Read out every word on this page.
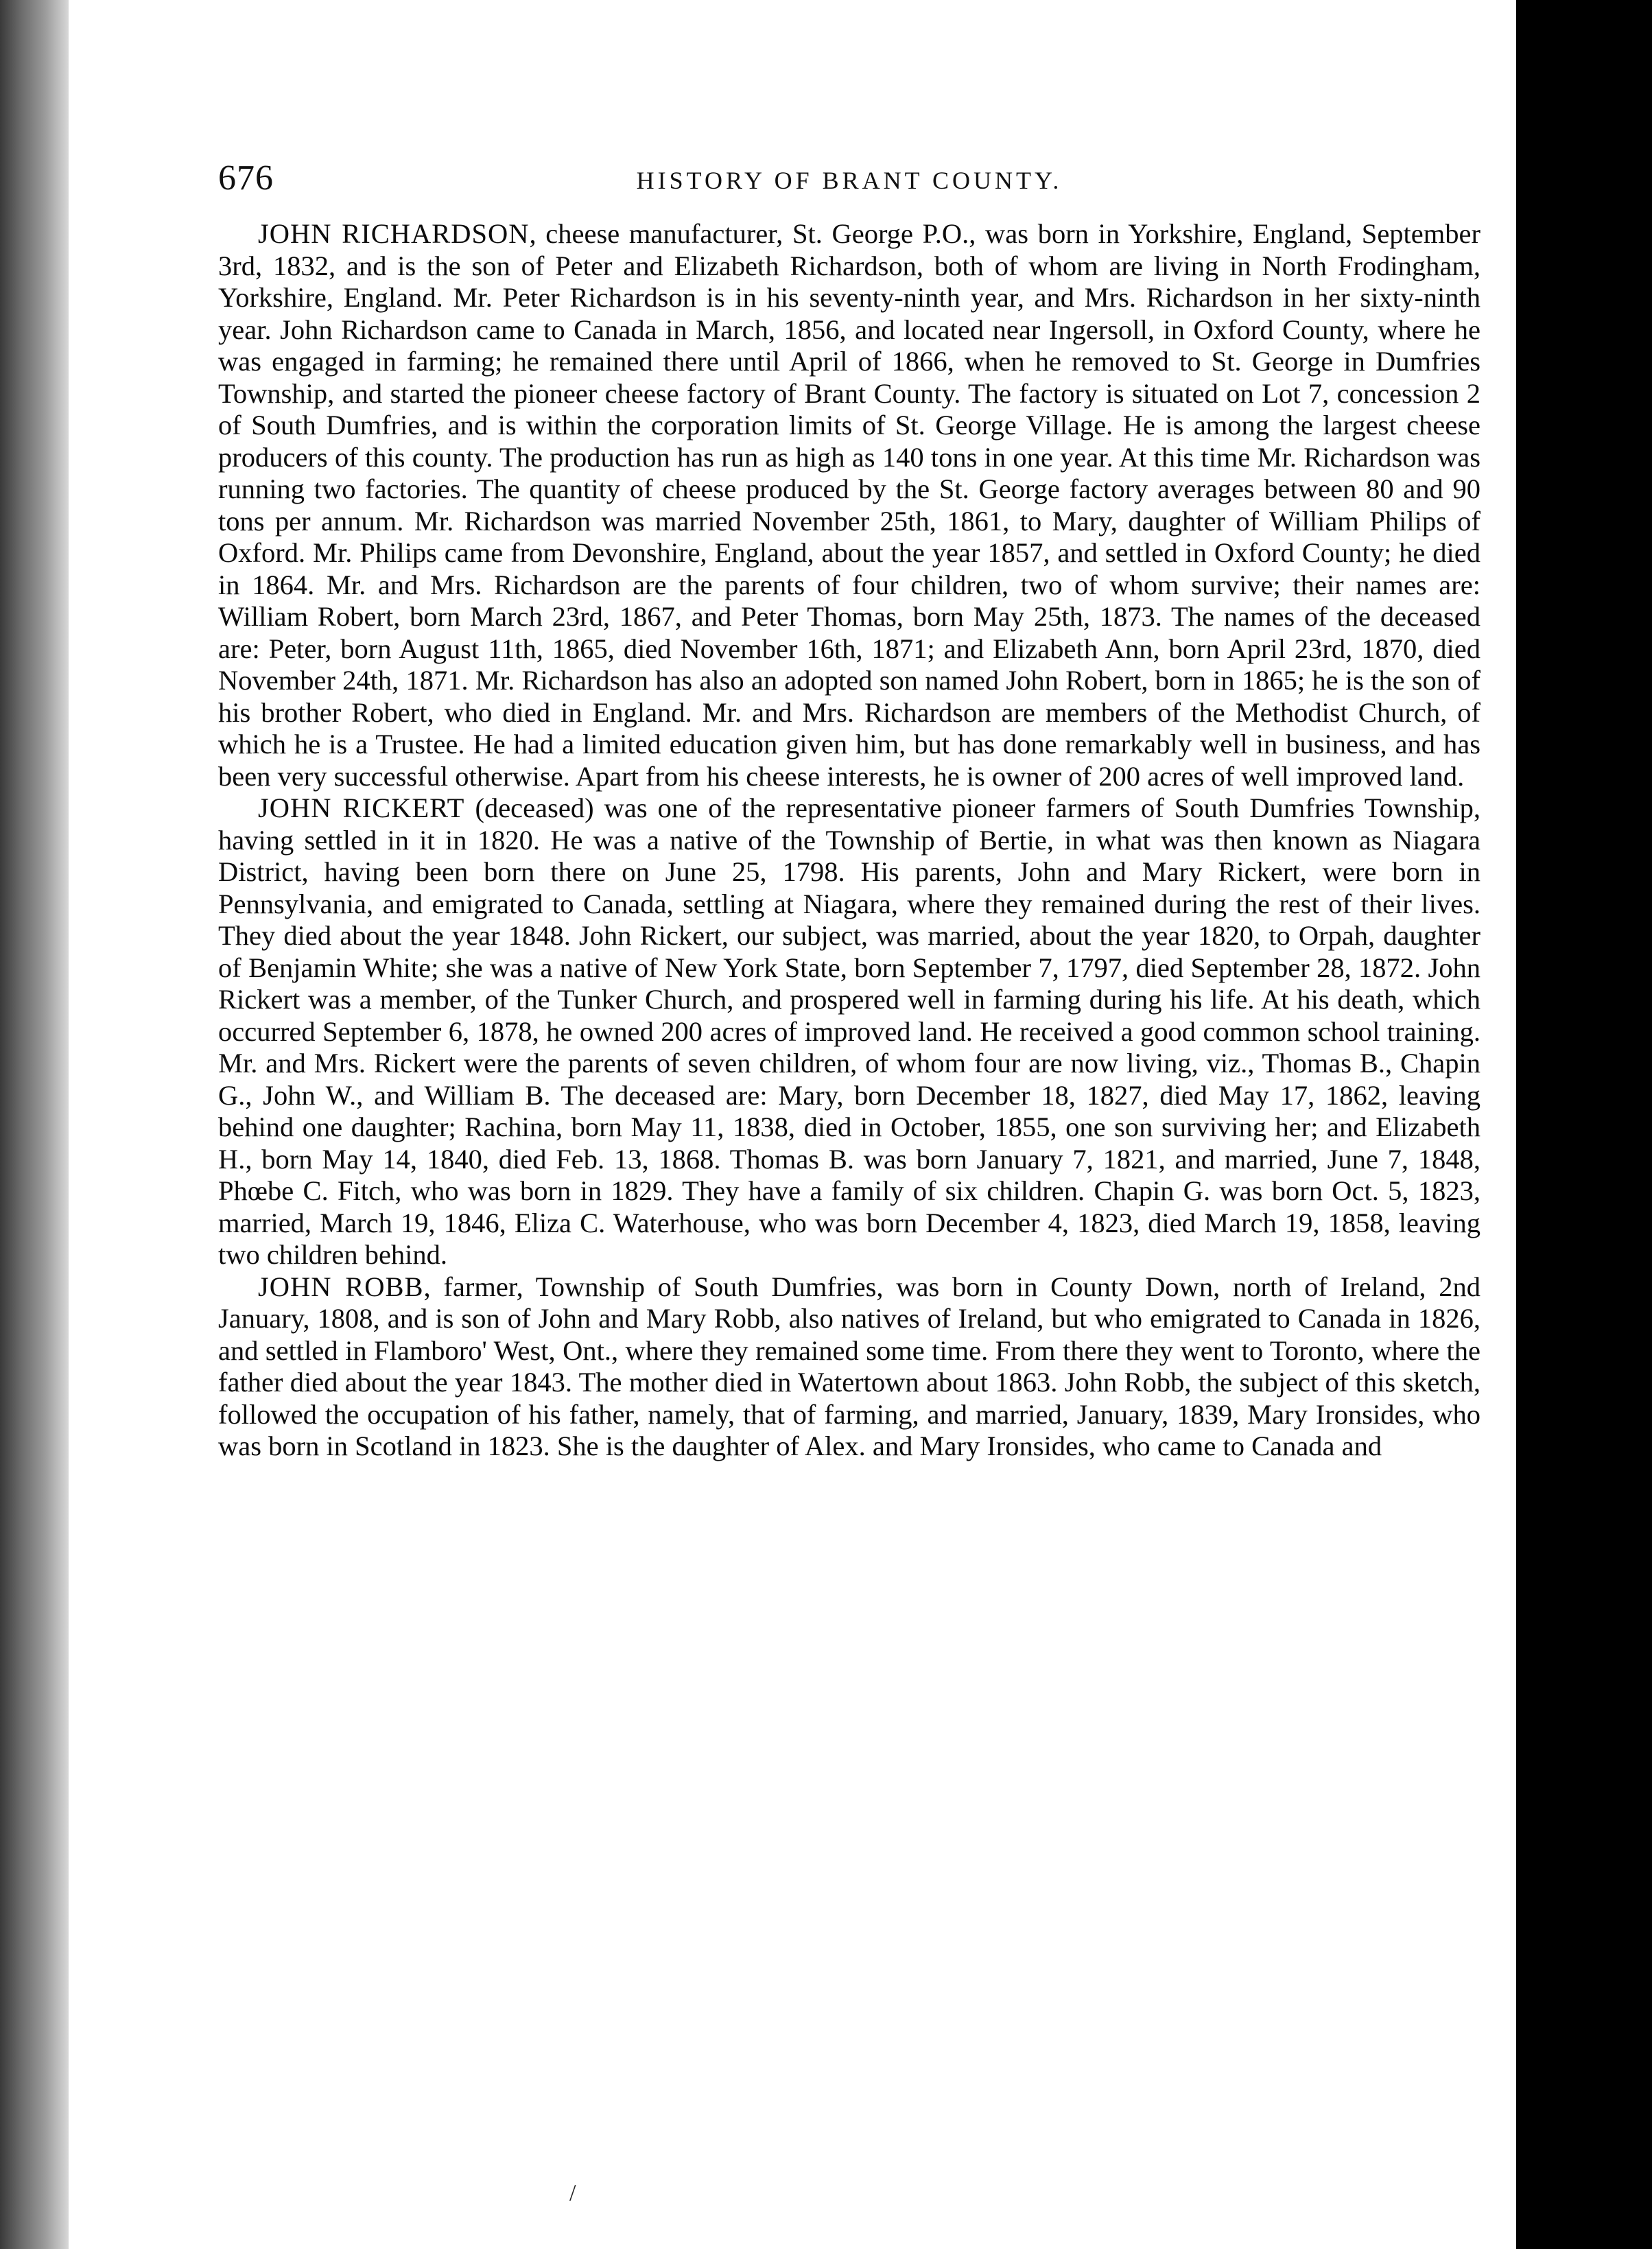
676	HISTORY OF BRANT COUNTY.

JOHN RICHARDSON, cheese manufacturer, St. George P.O., was born in Yorkshire, England, September 3rd, 1832, and is the son of Peter and Elizabeth Richardson, both of whom are living in North Frodingham, Yorkshire, England. Mr. Peter Richardson is in his seventy-ninth year, and Mrs. Richardson in her sixty-ninth year. John Richardson came to Canada in March, 1856, and located near Ingersoll, in Oxford County, where he was engaged in farming; he remained there until April of 1866, when he removed to St. George in Dumfries Township, and started the pioneer cheese factory of Brant County. The factory is situated on Lot 7, concession 2 of South Dumfries, and is within the corporation limits of St. George Village. He is among the largest cheese producers of this county. The production has run as high as 140 tons in one year. At this time Mr. Richardson was running two factories. The quantity of cheese produced by the St. George factory averages between 80 and 90 tons per annum. Mr. Richardson was married November 25th, 1861, to Mary, daughter of William Philips of Oxford. Mr. Philips came from Devonshire, England, about the year 1857, and settled in Oxford County; he died in 1864. Mr. and Mrs. Richardson are the parents of four children, two of whom survive; their names are: William Robert, born March 23rd, 1867, and Peter Thomas, born May 25th, 1873. The names of the deceased are: Peter, born August 11th, 1865, died November 16th, 1871; and Elizabeth Ann, born April 23rd, 1870, died November 24th, 1871. Mr. Richardson has also an adopted son named John Robert, born in 1865; he is the son of his brother Robert, who died in England. Mr. and Mrs. Richardson are members of the Methodist Church, of which he is a Trustee. He had a limited education given him, but has done remarkably well in business, and has been very successful otherwise. Apart from his cheese interests, he is owner of 200 acres of well improved land.

JOHN RICKERT (deceased) was one of the representative pioneer farmers of South Dumfries Township, having settled in it in 1820. He was a native of the Township of Bertie, in what was then known as Niagara District, having been born there on June 25, 1798. His parents, John and Mary Rickert, were born in Pennsylvania, and emigrated to Canada, settling at Niagara, where they remained during the rest of their lives. They died about the year 1848. John Rickert, our subject, was married, about the year 1820, to Orpah, daughter of Benjamin White; she was a native of New York State, born September 7, 1797, died September 28, 1872. John Rickert was a member, of the Tunker Church, and prospered well in farming during his life. At his death, which occurred September 6, 1878, he owned 200 acres of improved land. He received a good common school training. Mr. and Mrs. Rickert were the parents of seven children, of whom four are now living, viz., Thomas B., Chapin G., John W., and William B. The deceased are: Mary, born December 18, 1827, died May 17, 1862, leaving behind one daughter; Rachina, born May 11, 1838, died in October, 1855, one son surviving her; and Elizabeth H., born May 14, 1840, died Feb. 13, 1868. Thomas B. was born January 7, 1821, and married, June 7, 1848, Phœbe C. Fitch, who was born in 1829. They have a family of six children. Chapin G. was born Oct. 5, 1823, married, March 19, 1846, Eliza C. Waterhouse, who was born December 4, 1823, died March 19, 1858, leaving two children behind.

JOHN ROBB, farmer, Township of South Dumfries, was born in County Down, north of Ireland, 2nd January, 1808, and is son of John and Mary Robb, also natives of Ireland, but who emigrated to Canada in 1826, and settled in Flamboro' West, Ont., where they remained some time. From there they went to Toronto, where the father died about the year 1843. The mother died in Watertown about 1863. John Robb, the subject of this sketch, followed the occupation of his father, namely, that of farming, and married, January, 1839, Mary Ironsides, who was born in Scotland in 1823. She is the daughter of Alex. and Mary Ironsides, who came to Canada and

/
